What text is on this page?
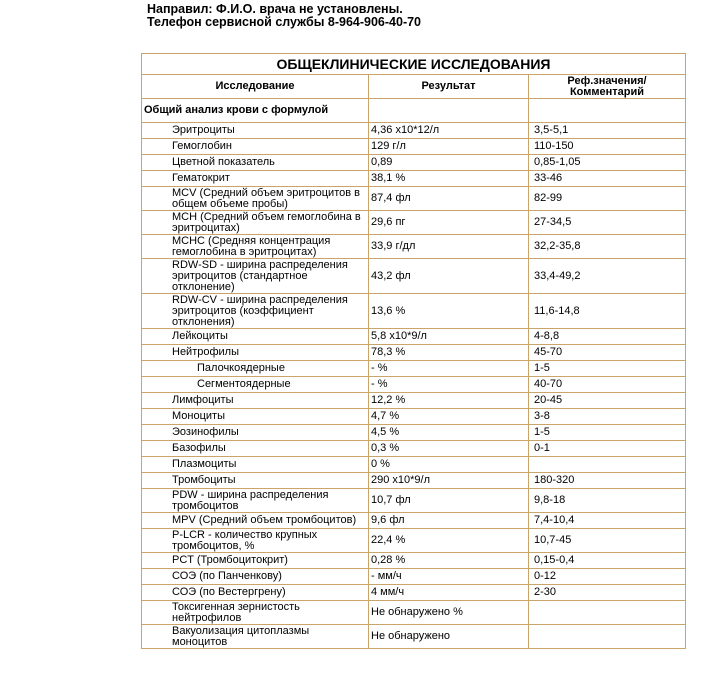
Направил: Ф.И.О. врача не установлены.
Телефон сервисной службы 8-964-906-40-70
ОБЩЕКЛИНИЧЕСКИЕ ИССЛЕДОВАНИЯ		
Исследование	Результат	Реф.значения/
Комментарий
Общий анализ крови с формулой		
Эритроциты	4,36 x10*12/л	3,5-5,1
Гемоглобин	129 г/л	110-150
Цветной показатель	0,89	0,85-1,05
Гематокрит	38,1 %	33-46
MCV (Средний объем эритроцитов в общем объеме пробы)	87,4 фл	82-99
MCH (Средний объем гемоглобина в эритроцитах)	29,6 пг	27-34,5
MCHC (Средняя концентрация гемоглобина в эритроцитах)	33,9 г/дл	32,2-35,8
RDW-SD - ширина распределения эритроцитов (стандартное отклонение)	43,2 фл	33,4-49,2
RDW-CV - ширина распределения эритроцитов (коэффициент отклонения)	13,6 %	11,6-14,8
Лейкоциты	5,8 x10*9/л	4-8,8
Нейтрофилы	78,3 %	45-70
Палочкоядерные	- %	1-5
Сегментоядерные	- %	40-70
Лимфоциты	12,2 %	20-45
Моноциты	4,7 %	3-8
Эозинофилы	4,5 %	1-5
Базофилы	0,3 %	0-1
Плазмоциты	0 %	
Тромбоциты	290 x10*9/л	180-320
PDW - ширина распределения тромбоцитов	10,7 фл	9,8-18
MPV (Средний объем тромбоцитов)	9,6 фл	7,4-10,4
P-LCR - количество крупных тромбоцитов, %	22,4 %	10,7-45
PCT (Тромбоцитокрит)	0,28 %	0,15-0,4
СОЭ (по Панченкову)	- мм/ч	0-12
СОЭ (по Вестергрену)	4 мм/ч	2-30
Токсигенная зернистость нейтрофилов	Не обнаружено %	
Вакуолизация цитоплазмы моноцитов	Не обнаружено	
